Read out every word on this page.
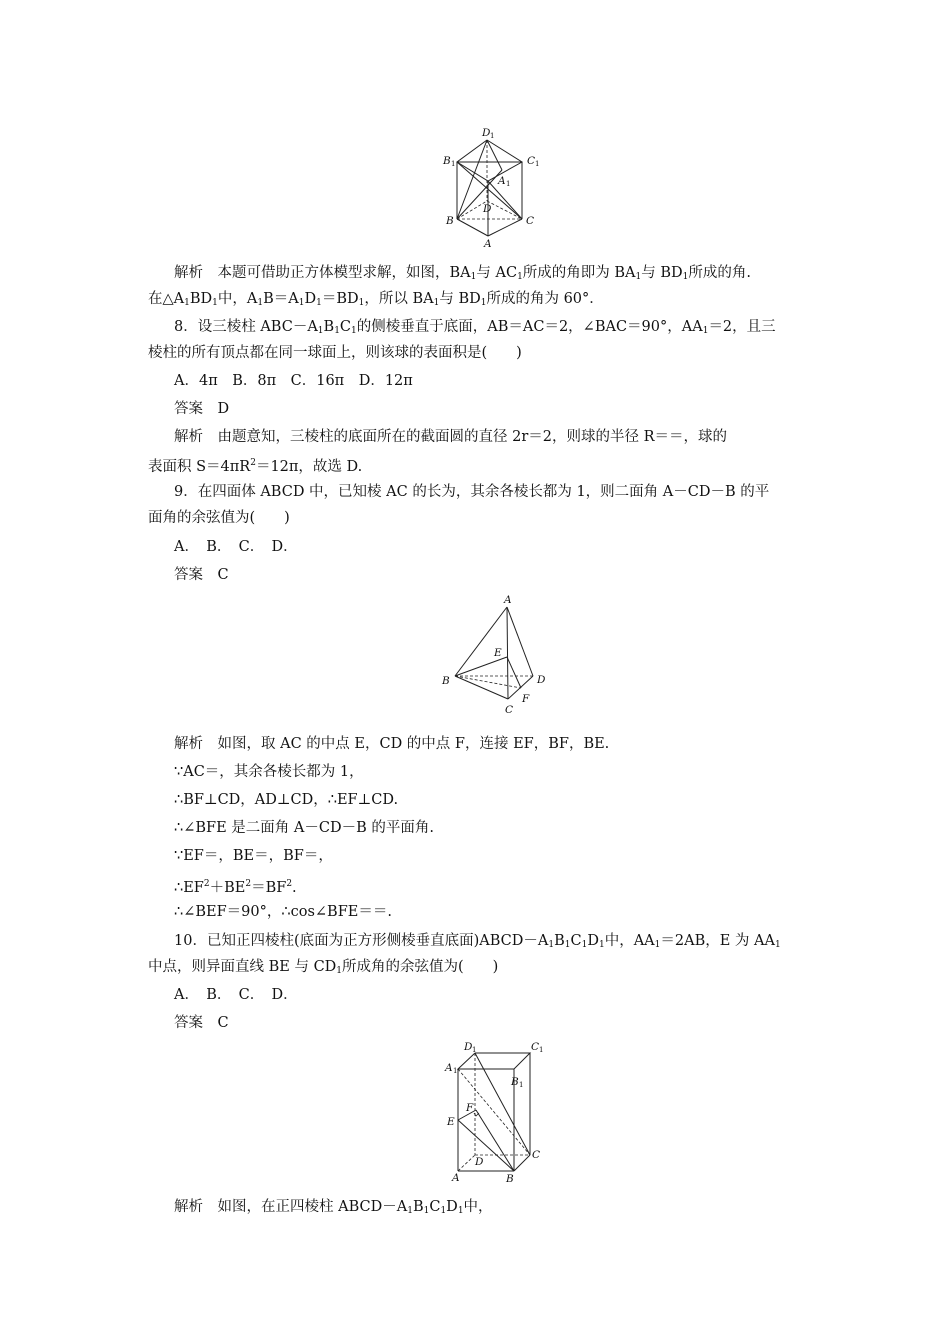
D 1
B 1	C 1
A 1
D
B	C
A
解析　本题可借助正方体模型求解，如图，$BA_1$与 $AC_1$所成的角即为 $BA_1$与 $BD_1$所成的角.
在$\triangle A_1BD_1$中，$A_1B=A_1D_1=BD_1$，所以 $BA_1$与 $BD_1$所成的角为 60°．
8．设三棱柱 $ABC-A_1B_1C_1$的侧棱垂直于底面，AB＝AC＝2，∠BAC＝90°，$AA_1=2$，且三
棱柱的所有顶点都在同一球面上，则该球的表面积是(　　)
A．4π　B．8π　C．16π　D．12π
答案　D
解析　由题意知，三棱柱的底面所在的截面圆的直径 2r＝2，则球的半径 R＝＝，球的
表面积 $S=4\pi R^2=12\pi$，故选 D.
9．在四面体 ABCD 中，已知棱 AC 的长为，其余各棱长都为 1，则二面角 A－CD－B 的平
面角的余弦值为(　　)
A．　B．　C．　D．
答案　C
A
E
B	D
F
C
解析　如图，取 AC 的中点 E，CD 的中点 F，连接 EF，BF，BE.
∵AC＝，其余各棱长都为 1，
∴BF⊥CD，AD⊥CD，∴EF⊥CD.
∴∠BFE 是二面角 A－CD－B 的平面角.
∵EF＝，BE＝，BF＝，
$\therefore EF^2+BE^2=BF^2$.
∴∠BEF＝90°，∴cos∠BFE＝＝.
10．已知正四棱柱(底面为正方形侧棱垂直底面)$ABCD-A_1B_1C_1D_1$中，$AA_1=2AB$，E 为 $AA_1$
中点，则异面直线 BE 与 $CD_1$所成角的余弦值为(　　)
A．　B．　C．　D．
答案　C
D 1	C 1
A 1
B 1
F
E
D
C
A	B
解析　如图，在正四棱柱 $ABCD-A_1B_1C_1D_1$中，
